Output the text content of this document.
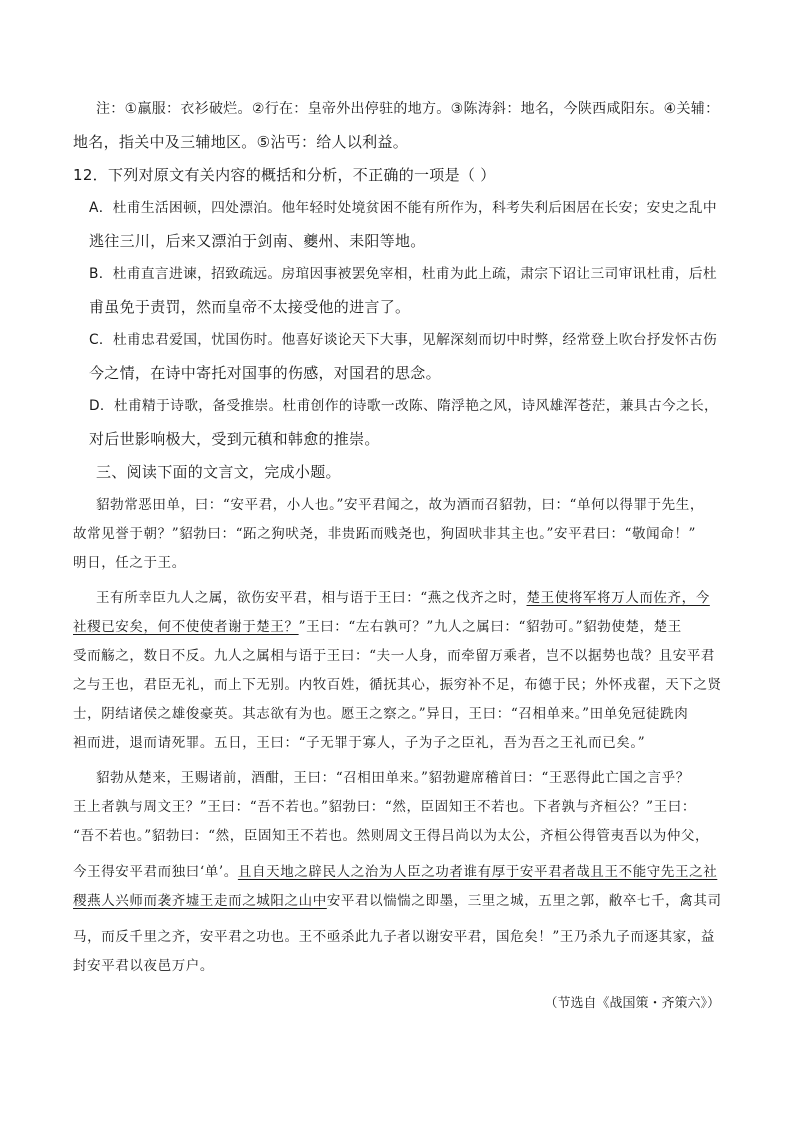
注：①羸服：衣衫破烂。②行在：皇帝外出停驻的地方。③陈涛斜：地名，今陕西咸阳东。④关辅：
地名，指关中及三辅地区。⑤沾丐：给人以利益。
12．下列对原文有关内容的概括和分析，不正确的一项是（ ）
A．杜甫生活困顿，四处漂泊。他年轻时处境贫困不能有所作为，科考失利后困居在长安；安史之乱中
逃往三川，后来又漂泊于剑南、夔州、耒阳等地。
B．杜甫直言进谏，招致疏远。房琯因事被罢免宰相，杜甫为此上疏，肃宗下诏让三司审讯杜甫，后杜
甫虽免于责罚，然而皇帝不太接受他的进言了。
C．杜甫忠君爱国，忧国伤时。他喜好谈论天下大事，见解深刻而切中时弊，经常登上吹台抒发怀古伤
今之情，在诗中寄托对国事的伤感，对国君的思念。
D．杜甫精于诗歌，备受推崇。杜甫创作的诗歌一改陈、隋浮艳之风，诗风雄浑苍茫，兼具古今之长，
对后世影响极大，受到元稹和韩愈的推崇。
三、阅读下面的文言文，完成小题。
貂勃常恶田单，曰：“安平君，小人也。”安平君闻之，故为酒而召貂勃，曰：“单何以得罪于先生，
故常见誉于朝？”貂勃曰：“跖之狗吠尧，非贵跖而贱尧也，狗固吠非其主也。”安平君曰：“敬闻命！”
明日，任之于王。
王有所幸臣九人之属，欲伤安平君，相与语于王曰：“燕之伐齐之时，楚王使将军将万人而佐齐，今
社稷已安矣，何不使使者谢于楚王？”王曰：“左右孰可？”九人之属曰：“貂勃可。”貂勃使楚，楚王
受而觞之，数日不反。九人之属相与语于王曰：“夫一人身，而牵留万乘者，岂不以据势也哉？且安平君
之与王也，君臣无礼，而上下无别。内牧百姓，循抚其心，振穷补不足，布德于民；外怀戎翟，天下之贤
士，阴结诸侯之雄俊豪英。其志欲有为也。愿王之察之。”异日，王曰：“召相单来。”田单免冠徒跣肉
袒而进，退而请死罪。五日，王曰：“子无罪于寡人，子为子之臣礼，吾为吾之王礼而已矣。”
貂勃从楚来，王赐诸前，酒酣，王曰：“召相田单来。”貂勃避席稽首曰：“王恶得此亡国之言乎？
王上者孰与周文王？”王曰：“吾不若也。”貂勃曰：“然，臣固知王不若也。下者孰与齐桓公？”王曰：
“吾不若也。”貂勃曰：“然，臣固知王不若也。然则周文王得吕尚以为太公，齐桓公得管夷吾以为仲父，
今王得安平君而独曰‘单’。且自天地之辟民人之治为人臣之功者谁有厚于安平君者哉且王不能守先王之社
稷燕人兴师而袭齐墟王走而之城阳之山中安平君以惴惴之即墨，三里之城，五里之郭，敝卒七千，禽其司
马，而反千里之齐，安平君之功也。王不亟杀此九子者以谢安平君，国危矣！”王乃杀九子而逐其家，益
封安平君以夜邑万户。
（节选自《战国策・齐策六》）
